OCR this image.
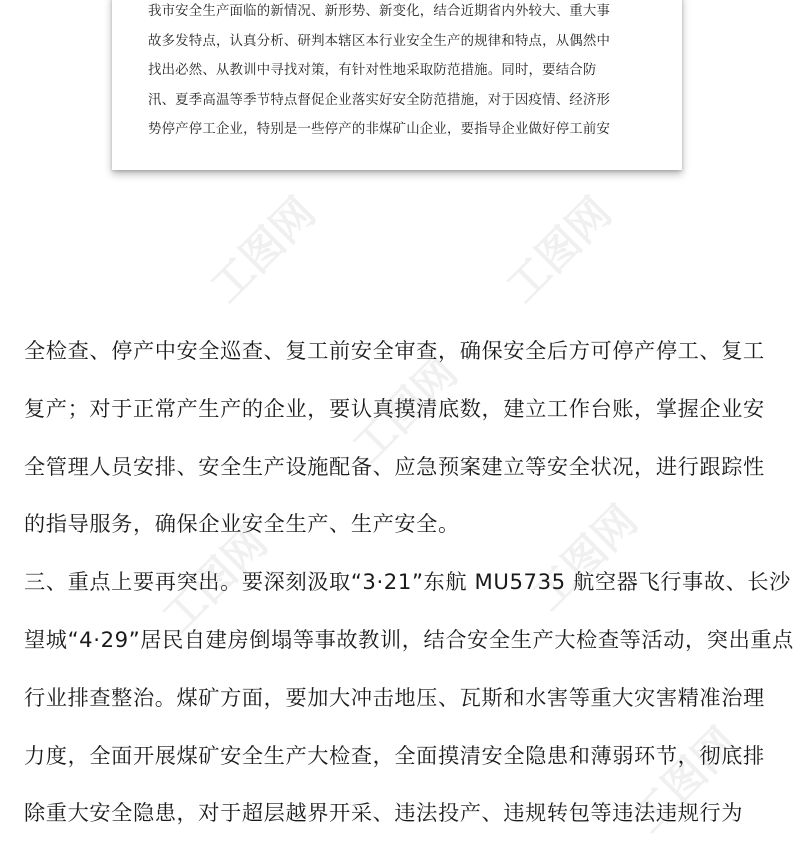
我市安全生产面临的新情况、新形势、新变化，结合近期省内外较大、重大事
故多发特点，认真分析、研判本辖区本行业安全生产的规律和特点，从偶然中
找出必然、从教训中寻找对策，有针对性地采取防范措施。同时，要结合防
汛、夏季高温等季节特点督促企业落实好安全防范措施，对于因疫情、经济形
势停产停工企业，特别是一些停产的非煤矿山企业，要指导企业做好停工前安

工图网
工图网	工图网
工图网
全检查、停产中安全巡查、复工前安全审查，确保安全后方可停产停工、复工
复产；对于正常产生产的企业，要认真摸清底数，建立工作台账，掌握企业安
全管理人员安排、安全生产设施配备、应急预案建立等安全状况，进行跟踪性
的指导服务，确保企业安全生产、生产安全。
三、重点上要再突出。要深刻汲取“3·21”东航 MU5735 航空器飞行事故、长沙
望城“4·29”居民自建房倒塌等事故教训，结合安全生产大检查等活动，突出重点
行业排查整治。煤矿方面，要加大冲击地压、瓦斯和水害等重大灾害精准治理
力度，全面开展煤矿安全生产大检查，全面摸清安全隐患和薄弱环节，彻底排
除重大安全隐患，对于超层越界开采、违法投产、违规转包等违法违规行为
